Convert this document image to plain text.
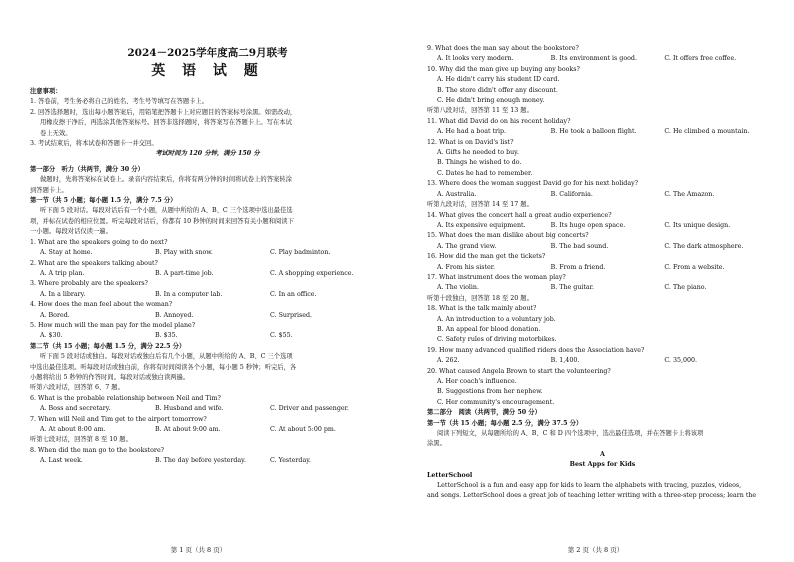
2024－2025学年度高二9月联考
英 语 试 题
注意事项：
1. 答卷前，考生务必将自己的姓名、考生号等填写在答题卡上。
2. 回答选择题时，选出每小题答案后，用铅笔把答题卡上对应题目的答案标号涂黑。如需改动，
用橡皮擦干净后，再选涂其他答案标号。回答非选择题时，将答案写在答题卡上。写在本试
卷上无效。
3. 考试结束后，将本试卷和答题卡一并交回。
考试时间为 120 分钟，满分 150 分
第一部分　听力（共两节，满分 30 分）
做题时，先将答案标在试卷上。录音内容结束后，你将有两分钟的时间将试卷上的答案转涂
到答题卡上。
第一节（共 5 小题；每小题 1.5 分，满分 7.5 分）
听下面 5 段对话。每段对话后有一个小题，从题中所给的 A、B、C 三个选项中选出最佳选
项，并标在试卷的相应位置。听完每段对话后，你都有 10 秒钟的时间来回答有关小题和阅读下
一小题。每段对话仅读一遍。
1. What are the speakers going to do next?
A. Stay at home.	B. Play with snow.	C. Play badminton.
2. What are the speakers talking about?
A. A trip plan.	B. A part-time job.	C. A shopping experience.
3. Where probably are the speakers?
A. In a library.	B. In a computer lab.	C. In an office.
4. How does the man feel about the woman?
A. Bored.	B. Annoyed.	C. Surprised.
5. How much will the man pay for the model plane?
A. $30.	B. $35.	C. $55.
第二节（共 15 小题；每小题 1.5 分，满分 22.5 分）
听下面 5 段对话或独白。每段对话或独白后有几个小题，从题中所给的 A、B、C 三个选项
中选出最佳选项。听每段对话或独白前，你将有时间阅读各个小题，每小题 5 秒钟；听完后，各
小题将给出 5 秒钟的作答时间。每段对话或独白读两遍。
听第六段对话，回答第 6、7 题。
6. What is the probable relationship between Neil and Tim?
A. Boss and secretary.	B. Husband and wife.	C. Driver and passenger.
7. When will Neil and Tim get to the airport tomorrow?
A. At about 8:00 am.	B. At about 9:00 am.	C. At about 5:00 pm.
听第七段对话，回答第 8 至 10 题。
8. When did the man go to the bookstore?
A. Last week.	B. The day before yesterday.	C. Yesterday.
第 1 页（共 8 页）
9. What does the man say about the bookstore?
A. It looks very modern.	B. Its environment is good.	C. It offers free coffee.
10. Why did the man give up buying any books?
A. He didn't carry his student ID card.
B. The store didn't offer any discount.
C. He didn't bring enough money.
听第八段对话，回答第 11 至 13 题。
11. What did David do on his recent holiday?
A. He had a boat trip.	B. He took a balloon flight.	C. He climbed a mountain.
12. What is on David's list?
A. Gifts he needed to buy.
B. Things he wished to do.
C. Dates he had to remember.
13. Where does the woman suggest David go for his next holiday?
A. Australia.	B. California.	C. The Amazon.
听第九段对话，回答第 14 至 17 题。
14. What gives the concert hall a great audio experience?
A. Its expensive equipment.	B. Its huge open space.	C. Its unique design.
15. What does the man dislike about big concerts?
A. The grand view.	B. The bad sound.	C. The dark atmosphere.
16. How did the man get the tickets?
A. From his sister.	B. From a friend.	C. From a website.
17. What instrument does the woman play?
A. The violin.	B. The guitar.	C. The piano.
听第十段独白，回答第 18 至 20 题。
18. What is the talk mainly about?
A. An introduction to a voluntary job.
B. An appeal for blood donation.
C. Safety rules of driving motorbikes.
19. How many advanced qualified riders does the Association have?
A. 262.	B. 1,400.	C. 35,000.
20. What caused Angela Brown to start the volunteering?
A. Her coach's influence.
B. Suggestions from her nephew.
C. Her community's encouragement.
第二部分　阅读（共两节，满分 50 分）
第一节（共 15 小题；每小题 2.5 分，满分 37.5 分）
阅读下列短文，从每题所给的 A、B、C 和 D 四个选项中，选出最佳选项，并在答题卡上将该项
涂黑。
A
Best Apps for Kids
LetterSchool
LetterSchool is a fun and easy app for kids to learn the alphabets with tracing, puzzles, videos,
and songs. LetterSchool does a great job of teaching letter writing with a three-step process; learn the
第 2 页（共 8 页）
